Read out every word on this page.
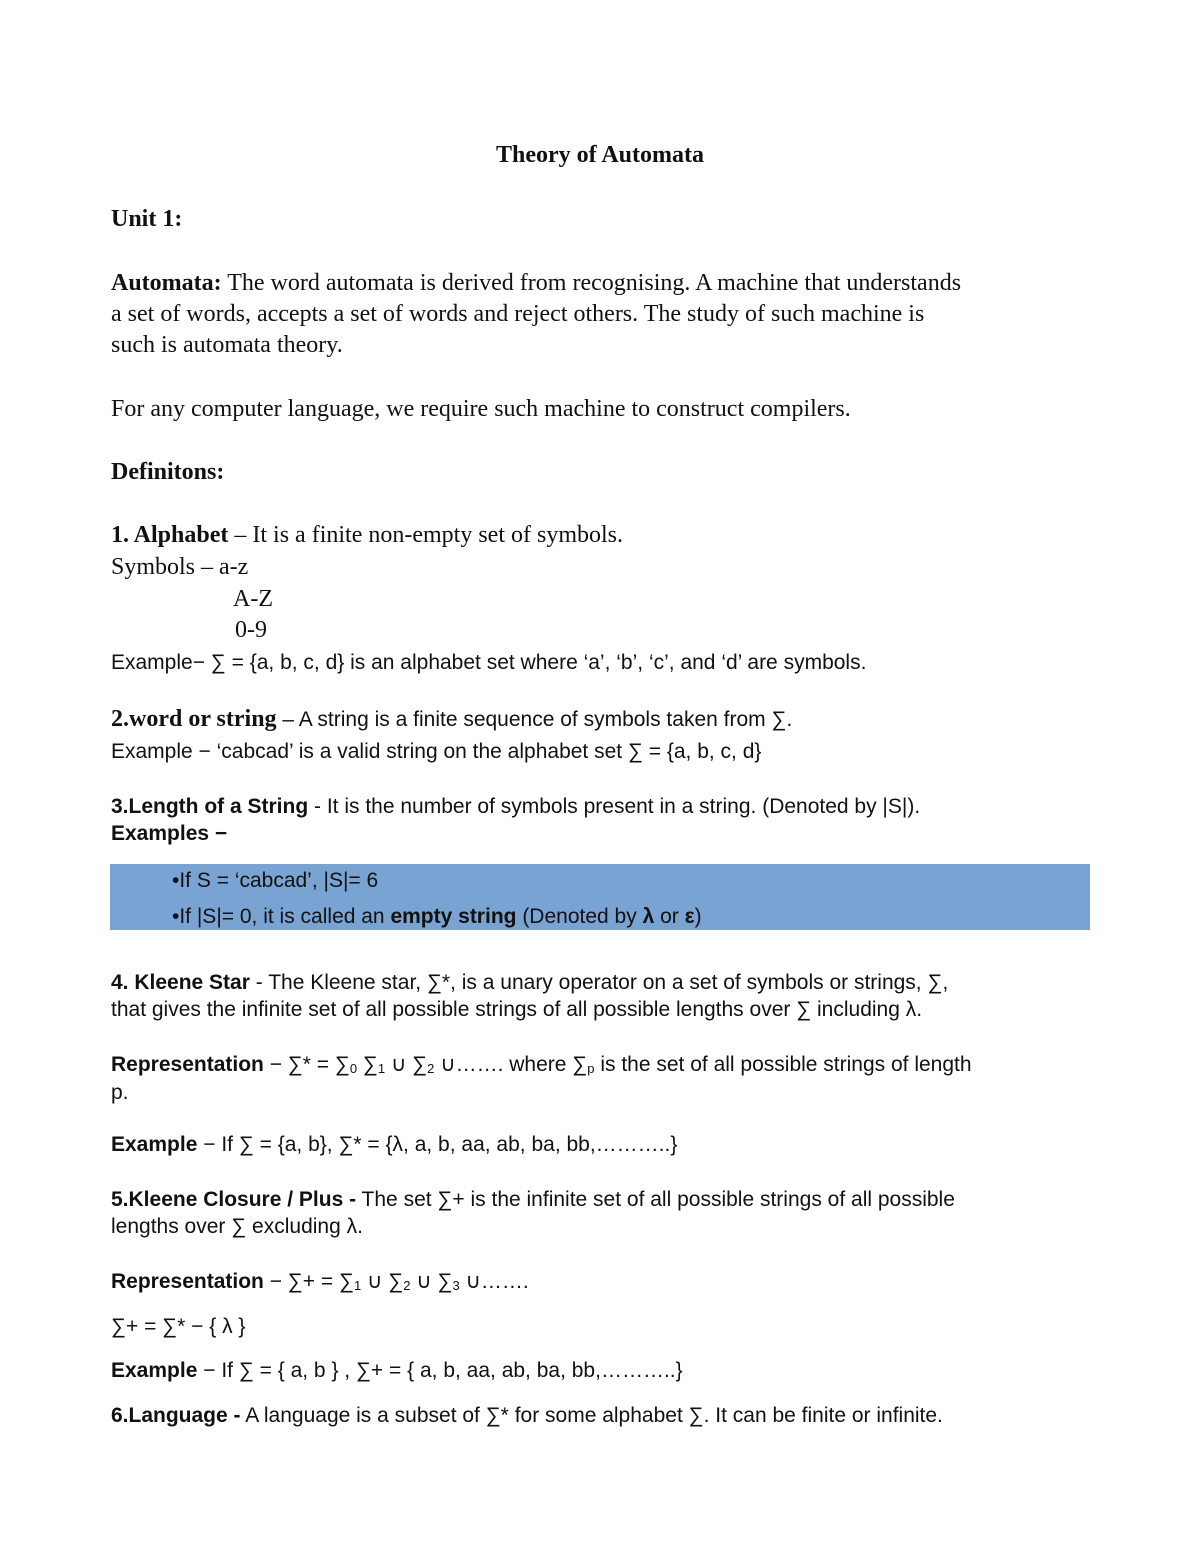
Theory of Automata
Unit 1:
Automata: The word automata is derived from recognising. A machine that understands
a set of words, accepts a set of words and reject others. The study of such machine is
such is automata theory.
For any computer language, we require such machine to construct compilers.
Definitons:
1. Alphabet – It is a finite non-empty set of symbols.
Symbols – a-z
A-Z
0-9
Example− ∑ = {a, b, c, d} is an alphabet set where ‘a’, ‘b’, ‘c’, and ‘d’ are symbols.
2.word or string – A string is a finite sequence of symbols taken from ∑.
Example − ‘cabcad’ is a valid string on the alphabet set ∑ = {a, b, c, d}
3.Length of a String - It is the number of symbols present in a string. (Denoted by |S|).
Examples −
•If S = ‘cabcad’, |S|= 6
•If |S|= 0, it is called an empty string (Denoted by λ or ε)
4. Kleene Star - The Kleene star, ∑*, is a unary operator on a set of symbols or strings, ∑,
that gives the infinite set of all possible strings of all possible lengths over ∑ including λ.
Representation − ∑* = $\sum_0$ $\sum_1$ ∪ $\sum_2$ ∪……. where $\sum_p$ is the set of all possible strings of length
p.
Example − If ∑ = {a, b}, ∑* = {λ, a, b, aa, ab, ba, bb,………..}
5.Kleene Closure / Plus - The set ∑+ is the infinite set of all possible strings of all possible
lengths over ∑ excluding λ.
Representation − ∑+ = $\sum_1$ ∪ $\sum_2$ ∪ $\sum_3$ ∪…….
∑+ = ∑* − { λ }
Example − If ∑ = { a, b } , ∑+ = { a, b, aa, ab, ba, bb,………..}
6.Language - A language is a subset of ∑* for some alphabet ∑. It can be finite or infinite.
